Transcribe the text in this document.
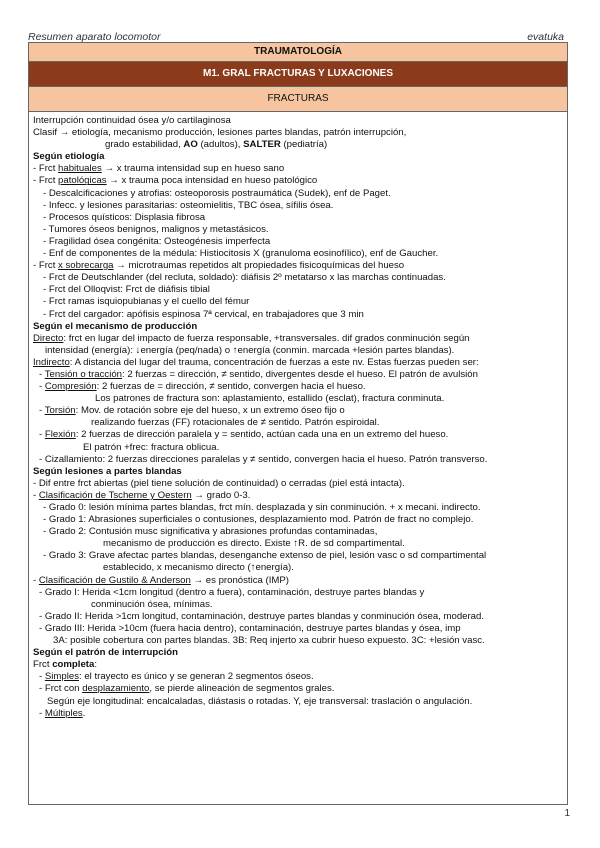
Resumen aparato locomotor	evatuka
TRAUMATOLOGÍA
M1. GRAL FRACTURAS Y LUXACIONES
FRACTURAS
Interrupción continuidad ósea y/o cartilaginosa
Clasif → etiología, mecanismo producción, lesiones partes blandas, patrón interrupción,
grado estabilidad, AO (adultos), SALTER (pediatría)
Según etiología
- Frct habituales → x trauma intensidad sup en hueso sano
- Frct patológicas → x trauma poca intensidad en hueso patológico
- Descalcificaciones y atrofias: osteoporosis postraumática (Sudek), enf de Paget.
- Infecc. y lesiones parasitarias: osteomielitis, TBC ósea, sífilis ósea.
- Procesos quísticos: Displasia fibrosa
- Tumores óseos benignos, malignos y metastásicos.
- Fragilidad ósea congénita: Osteogénesis imperfecta
- Enf de componentes de la médula: Histiocitosis X (granuloma eosinofílico), enf de Gaucher.
- Frct x sobrecarga → microtraumas repetidos alt propiedades fisicoquímicas del hueso
- Frct de Deutschlander (del recluta, soldado): diáfisis 2º metatarso x las marchas continuadas.
- Frct del Olloqvist: Frct de diáfisis tibial
- Frct ramas isquiopubianas y el cuello del fémur
- Frct del cargador: apófisis espinosa 7ª cervical, en trabajadores que 3 min
Según el mecanismo de producción
Directo: frct en lugar del impacto de fuerza responsable, +transversales. dif grados conminución según
intensidad (energía): ↓energía (peq/nada) o ↑energía (conmin. marcada +lesión partes blandas).
Indirecto: A distancia del lugar del trauma, concentración de fuerzas a este nv. Estas fuerzas pueden ser:
- Tensión o tracción: 2 fuerzas = dirección, ≠ sentido, divergentes desde el hueso. El patrón de avulsión
- Compresión: 2 fuerzas de = dirección, ≠ sentido, convergen hacia el hueso.
Los patrones de fractura son: aplastamiento, estallido (esclat), fractura conminuta.
- Torsión: Mov. de rotación sobre eje del hueso, x un extremo óseo fijo o
realizando fuerzas (FF) rotacionales de ≠ sentido. Patrón espiroidal.
- Flexión: 2 fuerzas de dirección paralela y = sentido, actúan cada una en un extremo del hueso.
El patrón +frec: fractura oblicua.
- Cizallamiento: 2 fuerzas direcciones paralelas y ≠ sentido, convergen hacia el hueso. Patrón transverso.
Según lesiones a partes blandas
- Dif entre frct abiertas (piel tiene solución de continuidad) o cerradas (piel está intacta).
- Clasificación de Tscherne y Oestern → grado 0-3.
- Grado 0: lesión mínima partes blandas, frct mín. desplazada y sin conminución. + x mecani. indirecto.
- Grado 1: Abrasiones superficiales o contusiones, desplazamiento mod. Patrón de fract no complejo.
- Grado 2: Contusión musc significativa y abrasiones profundas contaminadas,
mecanismo de producción es directo. Existe ↑R. de sd compartimental.
- Grado 3: Grave afectac partes blandas, desenganche extenso de piel, lesión vasc o sd compartimental
establecido, x mecanismo directo (↑energía).
- Clasificación de Gustilo & Anderson → es pronóstica (IMP)
- Grado I: Herida <1cm longitud (dentro a fuera), contaminación, destruye partes blandas y
conminución ósea, mínimas.
- Grado II: Herida >1cm longitud, contaminación, destruye partes blandas y conminución ósea, moderad.
- Grado III: Herida >10cm (fuera hacia dentro), contaminación, destruye partes blandas y ósea, imp
3A: posible cobertura con partes blandas. 3B: Req injerto xa cubrir hueso expuesto. 3C: +lesión vasc.
Según el patrón de interrupción
Frct completa:
- Simples: el trayecto es único y se generan 2 segmentos óseos.
- Frct con desplazamiento, se pierde alineación de segmentos grales.
Según eje longitudinal: encalcaladas, diástasis o rotadas. Y, eje transversal: traslación o angulación.
- Múltiples.
1
